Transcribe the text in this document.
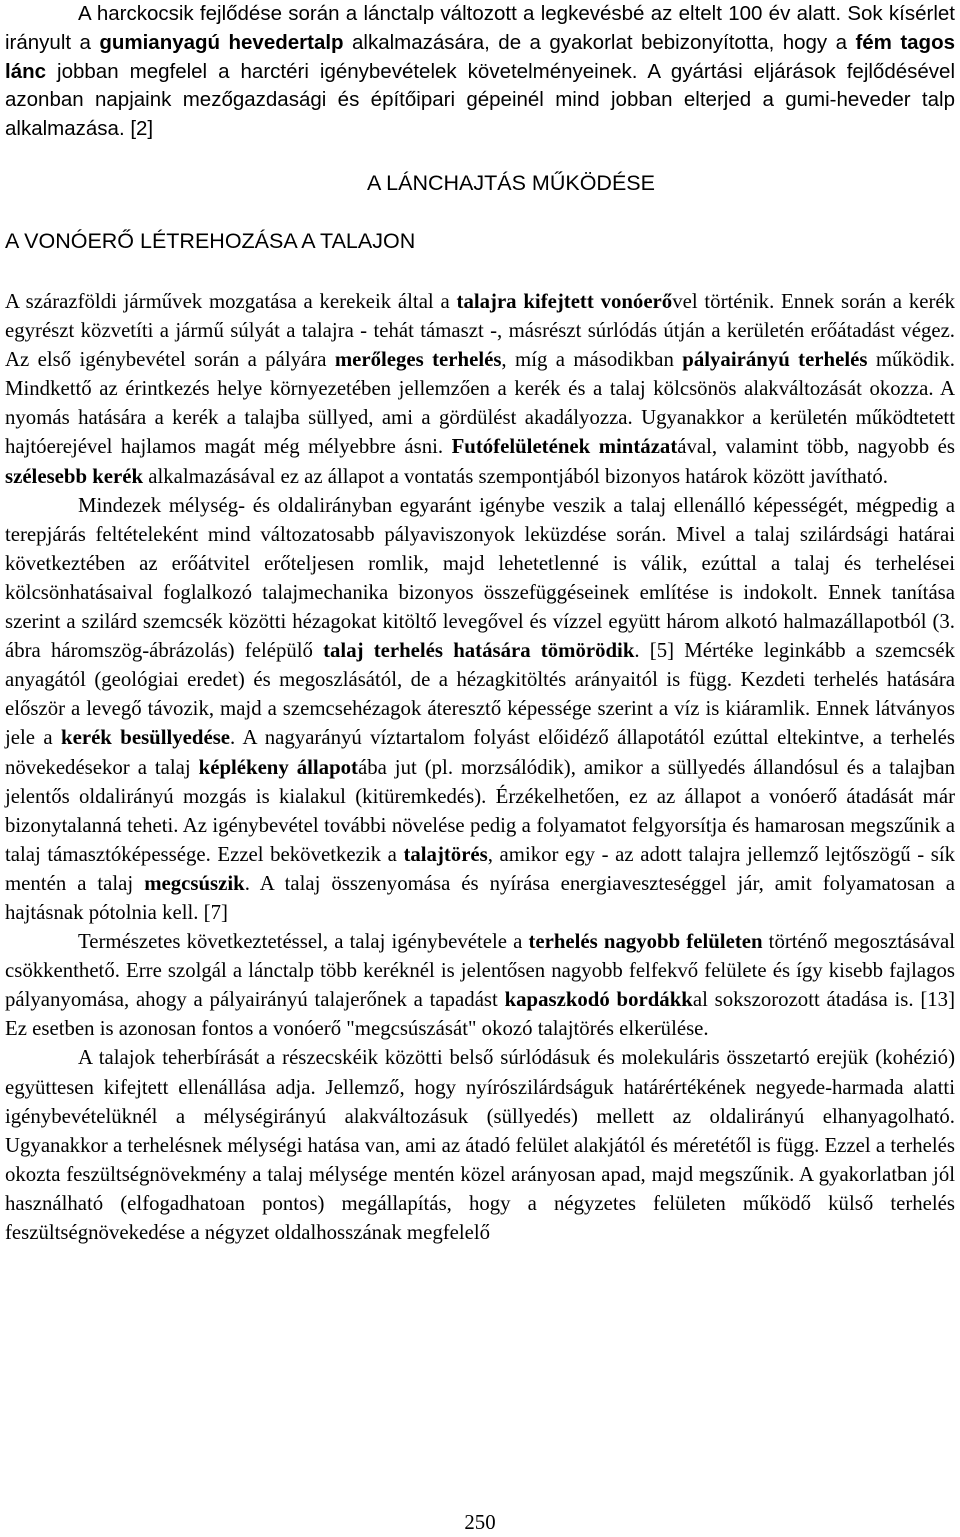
A harckocsik fejlődése során a lánctalp változott a legkevésbé az eltelt 100 év alatt. Sok kísérlet irányult a gumianyagú hevedertalp alkalmazására, de a gyakorlat bebizonyította, hogy a fém tagos lánc jobban megfelel a harctéri igénybevételek követelményeinek. A gyártási eljárások fejlődésével azonban napjaink mezőgazdasági és építőipari gépeinél mind jobban elterjed a gumi-heveder talp alkalmazása. [2]

A LÁNCHAJTÁS MŰKÖDÉSE
A VONÓERŐ LÉTREHOZÁSA A TALAJON

A szárazföldi járművek mozgatása a kerekeik által a talajra kifejtett vonóerővel történik. Ennek során a kerék egyrészt közvetíti a jármű súlyát a talajra - tehát támaszt -, másrészt súrlódás útján a kerületén erőátadást végez. Az első igénybevétel során a pályára merőleges terhelés, míg a másodikban pályairányú terhelés működik. Mindkettő az érintkezés helye környezetében jellemzően a kerék és a talaj kölcsönös alakváltozását okozza. A nyomás hatására a kerék a talajba süllyed, ami a gördülést akadályozza. Ugyanakkor a kerületén működtetett hajtóerejével hajlamos magát még mélyebbre ásni. Futófelületének mintázatával, valamint több, nagyobb és szélesebb kerék alkalmazásával ez az állapot a vontatás szempontjából bizonyos határok között javítható.

Mindezek mélység- és oldalirányban egyaránt igénybe veszik a talaj ellenálló képességét, mégpedig a terepjárás feltételeként mind változatosabb pályaviszonyok leküzdése során. Mivel a talaj szilárdsági határai következtében az erőátvitel erőteljesen romlik, majd lehetetlenné is válik, ezúttal a talaj és terhelései kölcsönhatásaival foglalkozó talajmechanika bizonyos összefüggéseinek említése is indokolt. Ennek tanítása szerint a szilárd szemcsék közötti hézagokat kitöltő levegővel és vízzel együtt három alkotó halmazállapotból (3. ábra háromszög-ábrázolás) felépülő talaj terhelés hatására tömörödik. [5] Mértéke leginkább a szemcsék anyagától (geológiai eredet) és megoszlásától, de a hézagkitöltés arányaitól is függ. Kezdeti terhelés hatására először a levegő távozik, majd a szemcsehézagok áteresztő képessége szerint a víz is kiáramlik. Ennek látványos jele a kerék besüllyedése. A nagyarányú víztartalom folyást előidéző állapotától ezúttal eltekintve, a terhelés növekedésekor a talaj képlékeny állapotába jut (pl. morzsálódik), amikor a süllyedés állandósul és a talajban jelentős oldalirányú mozgás is kialakul (kitüremkedés). Érzékelhetően, ez az állapot a vonóerő átadását már bizonytalanná teheti. Az igénybevétel további növelése pedig a folyamatot felgyorsítja és hamarosan megszűnik a talaj támasztóképessége. Ezzel bekövetkezik a talajtörés, amikor egy - az adott talajra jellemző lejtőszögű - sík mentén a talaj megcsúszik. A talaj összenyomása és nyírása energiaveszteséggel jár, amit folyamatosan a hajtásnak pótolnia kell. [7]

Természetes következtetéssel, a talaj igénybevétele a terhelés nagyobb felületen történő megosztásával csökkenthető. Erre szolgál a lánctalp több keréknél is jelentősen nagyobb felfekvő felülete és így kisebb fajlagos pályanyomása, ahogy a pályairányú talajerőnek a tapadást kapaszkodó bordákkal sokszorozott átadása is. [13] Ez esetben is azonosan fontos a vonóerő "megcsúszását" okozó talajtörés elkerülése.

A talajok teherbírását a részecskéik közötti belső súrlódásuk és molekuláris összetartó erejük (kohézió) együttesen kifejtett ellenállása adja. Jellemző, hogy nyírószilárdságuk határértékének negyede-harmada alatti igénybevételüknél a mélységirányú alakváltozásuk (süllyedés) mellett az oldalirányú elhanyagolható. Ugyanakkor a terhelésnek mélységi hatása van, ami az átadó felület alakjától és méretétől is függ. Ezzel a terhelés okozta feszültségnövekmény a talaj mélysége mentén közel arányosan apad, majd megszűnik. A gyakorlatban jól használható (elfogadhatoan pontos) megállapítás, hogy a négyzetes felületen működő külső terhelés feszültségnövekedése a négyzet oldalhosszának megfelelő

250
